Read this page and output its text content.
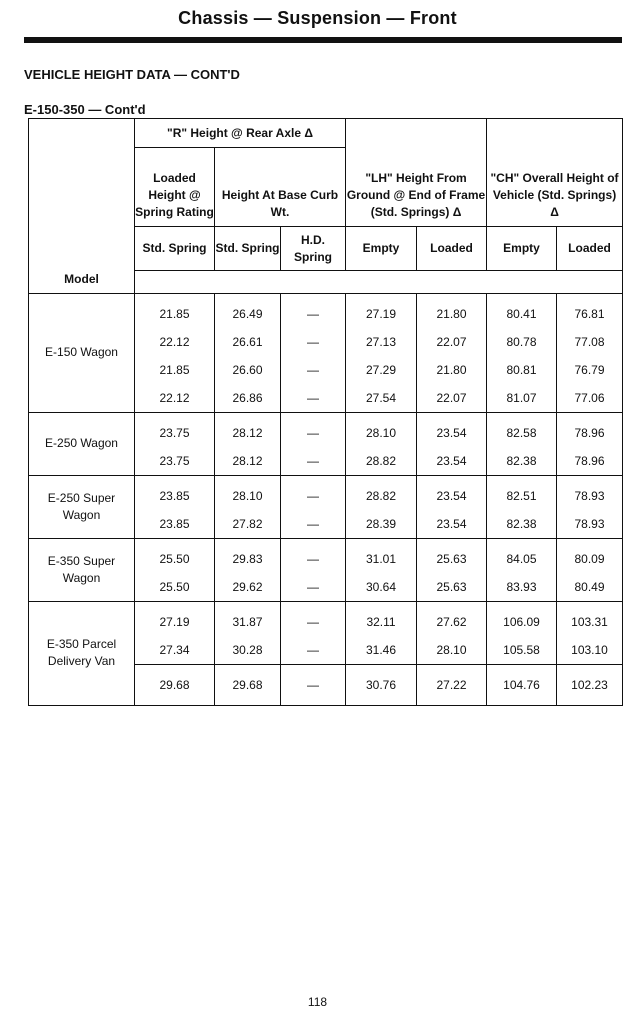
Chassis — Suspension — Front
VEHICLE HEIGHT DATA — CONT'D
E-150-350 — Cont'd
	"R" Height @ Rear Axle Δ			"LH" Height From Ground @ End of Frame (Std. Springs) Δ		"CH" Overall Height of Vehicle (Std. Springs) Δ	
	Loaded Height @ Spring Rating	Height At Base Curb Wt.					
	Std. Spring	Std. Spring	H.D. Spring	Empty	Loaded	Empty	Loaded
Model							
E-150 Wagon	21.85	26.49	—	27.19	21.80	80.41	76.81
	22.12	26.61	—	27.13	22.07	80.78	77.08
	21.85	26.60	—	27.29	21.80	80.81	76.79
	22.12	26.86	—	27.54	22.07	81.07	77.06
E-250 Wagon	23.75	28.12	—	28.10	23.54	82.58	78.96
	23.75	28.12	—	28.82	23.54	82.38	78.96
E-250 Super Wagon	23.85	28.10	—	28.82	23.54	82.51	78.93
	23.85	27.82	—	28.39	23.54	82.38	78.93
E-350 Super Wagon	25.50	29.83	—	31.01	25.63	84.05	80.09
	25.50	29.62	—	30.64	25.63	83.93	80.49
E-350 Parcel Delivery Van	27.19	31.87	—	32.11	27.62	106.09	103.31
	27.34	30.28	—	31.46	28.10	105.58	103.10
	29.68	29.68	—	30.76	27.22	104.76	102.23
118
